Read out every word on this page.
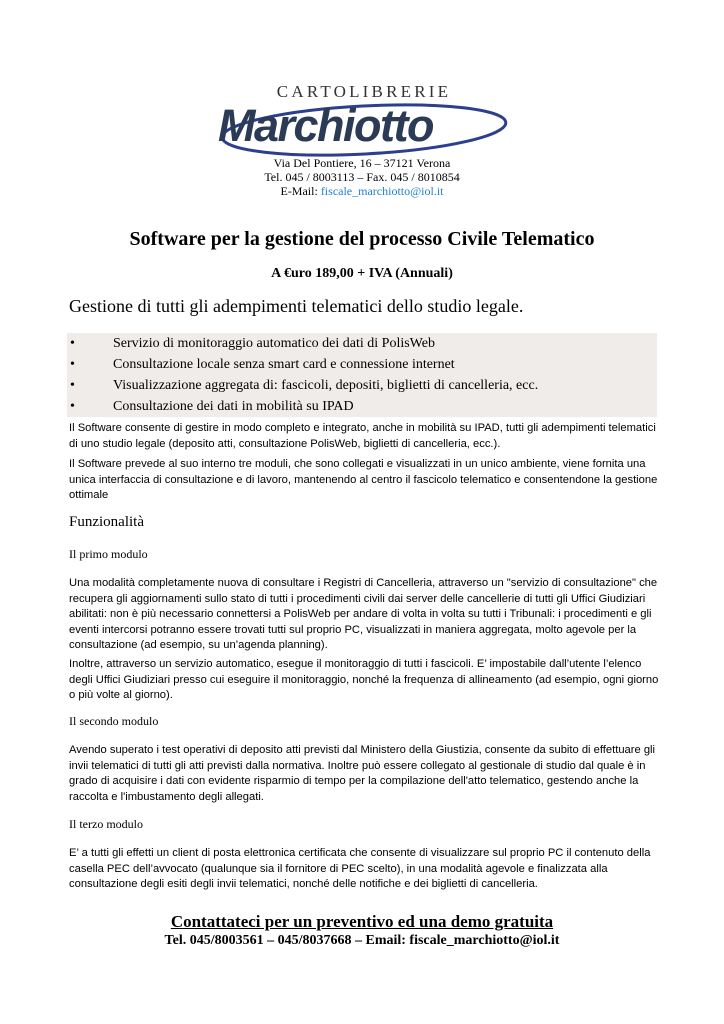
CARTOLIBRERIE
Marchiotto
Via Del Pontiere, 16 – 37121 Verona
Tel. 045 / 8003113 – Fax. 045 / 8010854
E-Mail: fiscale_marchiotto@iol.it
Software per la gestione del processo Civile Telematico
A €uro 189,00 + IVA (Annuali)
Gestione di tutti gli adempimenti telematici dello studio legale.
•	Servizio di monitoraggio automatico dei dati di PolisWeb
•	Consultazione locale senza smart card e connessione internet
•	Visualizzazione aggregata di: fascicoli, depositi, biglietti di cancelleria, ecc.
•	Consultazione dei dati in mobilità su IPAD
Il Software consente di gestire in modo completo e integrato, anche in mobilità su IPAD, tutti gli adempimenti telematici di uno studio legale (deposito atti, consultazione PolisWeb, biglietti di cancelleria, ecc.).
Il Software prevede al suo interno tre moduli, che sono collegati e visualizzati in un unico ambiente, viene fornita una unica interfaccia di consultazione e di lavoro, mantenendo al centro il fascicolo telematico e consentendone la gestione ottimale
Funzionalità
Il primo modulo
Una modalità completamente nuova di consultare i Registri di Cancelleria, attraverso un "servizio di consultazione" che recupera gli aggiornamenti sullo stato di tutti i procedimenti civili dai server delle cancellerie di tutti gli Uffici Giudiziari abilitati: non è più necessario connettersi a PolisWeb per andare di volta in volta su tutti i Tribunali: i procedimenti e gli eventi intercorsi potranno essere trovati tutti sul proprio PC, visualizzati in maniera aggregata, molto agevole per la consultazione (ad esempio, su un’agenda planning).
Inoltre, attraverso un servizio automatico, esegue il monitoraggio di tutti i fascicoli. E’ impostabile dall’utente l’elenco degli Uffici Giudiziari presso cui eseguire il monitoraggio, nonché la frequenza di allineamento (ad esempio, ogni giorno o più volte al giorno).
Il secondo modulo
Avendo superato i test operativi di deposito atti previsti dal Ministero della Giustizia, consente da subito di effettuare gli invii telematici di tutti gli atti previsti dalla normativa. Inoltre può essere collegato al gestionale di studio dal quale è in grado di acquisire i dati con evidente risparmio di tempo per la compilazione dell'atto telematico, gestendo anche la raccolta e l'imbustamento degli allegati.
Il terzo modulo
E’ a tutti gli effetti un client di posta elettronica certificata che consente di visualizzare sul proprio PC il contenuto della casella PEC dell’avvocato (qualunque sia il fornitore di PEC scelto), in una modalità agevole e finalizzata alla consultazione degli esiti degli invii telematici, nonché delle notifiche e dei biglietti di cancelleria.
Contattateci per un preventivo ed una demo gratuita
Tel. 045/8003561 – 045/8037668 – Email: fiscale_marchiotto@iol.it
